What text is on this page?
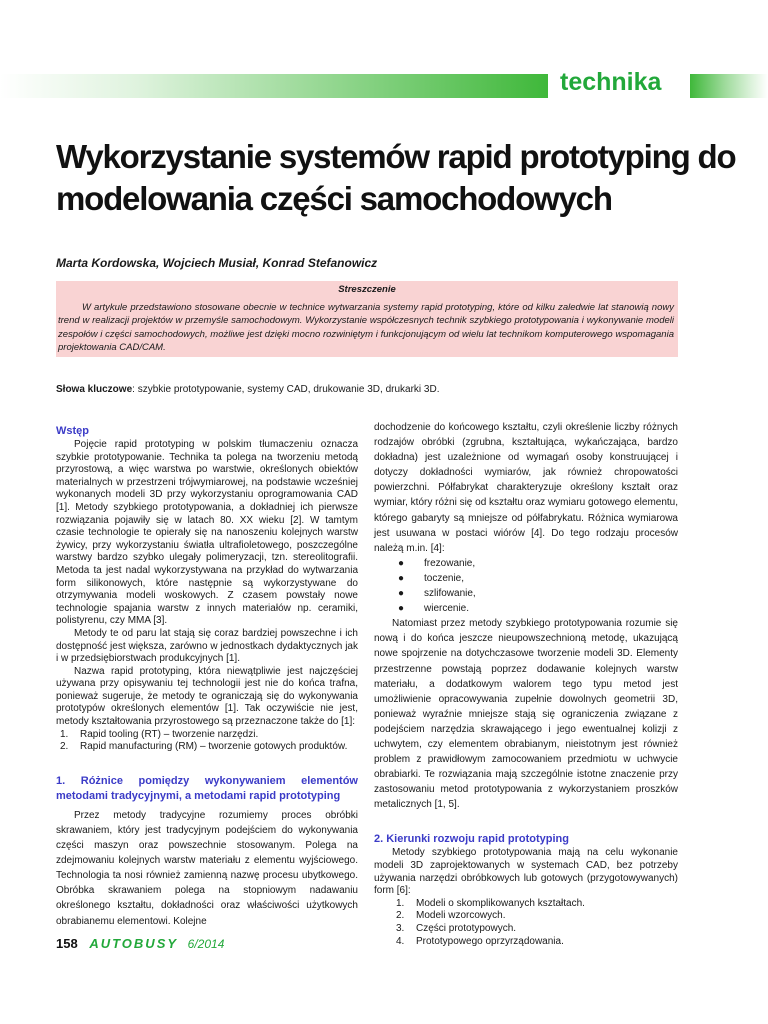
technika
Wykorzystanie systemów rapid prototyping do modelowania części samochodowych
Marta Kordowska, Wojciech Musiał, Konrad Stefanowicz
Streszczenie

W artykule przedstawiono stosowane obecnie w technice wytwarzania systemy rapid prototyping, które od kilku zaledwie lat stanowią nowy trend w realizacji projektów w przemyśle samochodowym. Wykorzystanie współczesnych technik szybkiego prototypowania i wykonywanie modeli zespołów i części samochodowych, możliwe jest dzięki mocno rozwiniętym i funkcjonującym od wielu lat technikom komputerowego wspomagania projektowania CAD/CAM.

Słowa kluczowe: szybkie prototypowanie, systemy CAD, drukowanie 3D, drukarki 3D.
Wstęp

Pojęcie rapid prototyping w polskim tłumaczeniu oznacza szybkie prototypowanie. Technika ta polega na tworzeniu metodą przyrostową, a więc warstwa po warstwie, określonych obiektów materialnych w przestrzeni trójwymiarowej, na podstawie wcześniej wykonanych modeli 3D przy wykorzystaniu oprogramowania CAD [1]. Metody szybkiego prototypowania, a dokładniej ich pierwsze rozwiązania pojawiły się w latach 80. XX wieku [2]. W tamtym czasie technologie te opierały się na nanoszeniu kolejnych warstw żywicy, przy wykorzystaniu światła ultrafioletowego, poszczególne warstwy bardzo szybko ulegały polimeryzacji, tzn. stereolitografii. Metoda ta jest nadal wykorzystywana na przykład do wytwarzania form silikonowych, które następnie są wykorzystywane do otrzymywania modeli woskowych. Z czasem powstały nowe technologie spajania warstw z innych materiałów np. ceramiki, polistyrenu, czy MMA [3].

Metody te od paru lat stają się coraz bardziej powszechne i ich dostępność jest większa, zarówno w jednostkach dydaktycznych jak i w przedsiębiorstwach produkcyjnych [1].

Nazwa rapid prototyping, która niewątpliwie jest najczęściej używana przy opisywaniu tej technologii jest nie do końca trafna, ponieważ sugeruje, że metody te ograniczają się do wykonywania prototypów określonych elementów [1]. Tak oczywiście nie jest, metody kształtowania przyrostowego są przeznaczone także do [1]:

1. Rapid tooling (RT) – tworzenie narzędzi.
2. Rapid manufacturing (RM) – tworzenie gotowych produktów.
1. Różnice pomiędzy wykonywaniem elementów metodami tradycyjnymi, a metodami rapid prototyping

Przez metody tradycyjne rozumiemy proces obróbki skrawaniem, który jest tradycyjnym podejściem do wykonywania części maszyn oraz powszechnie stosowanym. Polega na zdejmowaniu kolejnych warstw materiału z elementu wyjściowego. Technologia ta nosi również zamienną nazwę procesu ubytkowego. Obróbka skrawaniem polega na stopniowym nadawaniu określonego kształtu, dokładności oraz właściwości użytkowych obrabianemu elementowi. Kolejne

dochodzenie do końcowego kształtu, czyli określenie liczby różnych rodzajów obróbki (zgrubna, kształtująca, wykańczająca, bardzo dokładna) jest uzależnione od wymagań osoby konstruującej i dotyczy dokładności wymiarów, jak również chropowatości powierzchni. Półfabrykat charakteryzuje określony kształt oraz wymiar, który różni się od kształtu oraz wymiaru gotowego elementu, którego gabaryty są mniejsze od półfabrykatu. Różnica wymiarowa jest usuwana w postaci wiórów [4]. Do tego rodzaju procesów należą m.in. [4]:

● frezowanie,
● toczenie,
● szlifowanie,
● wiercenie.

Natomiast przez metody szybkiego prototypowania rozumie się nową i do końca jeszcze nieupowszechnioną metodę, ukazującą nowe spojrzenie na dotychczasowe tworzenie modeli 3D. Elementy przestrzenne powstają poprzez dodawanie kolejnych warstw materiału, a dodatkowym walorem tego typu metod jest umożliwienie opracowywania zupełnie dowolnych geometrii 3D, ponieważ wyraźnie mniejsze stają się ograniczenia związane z podejściem narzędzia skrawającego i jego ewentualnej kolizji z uchwytem, czy elementem obrabianym, nieistotnym jest również problem z prawidłowym zamocowaniem przedmiotu w uchwycie obrabiarki. Te rozwiązania mają szczególnie istotne znaczenie przy zastosowaniu metod prototypowania z wykorzystaniem proszków metalicznych [1, 5].

2. Kierunki rozwoju rapid prototyping

Metody szybkiego prototypowania mają na celu wykonanie modeli 3D zaprojektowanych w systemach CAD, bez potrzeby używania narzędzi obróbkowych lub gotowych (przygotowywanych) form [6]:

1. Modeli o skomplikowanych kształtach.
2. Modeli wzorcowych.
3. Części prototypowych.
4. Prototypowego oprzyrządowania.
158 AUTOBUSY 6/2014
